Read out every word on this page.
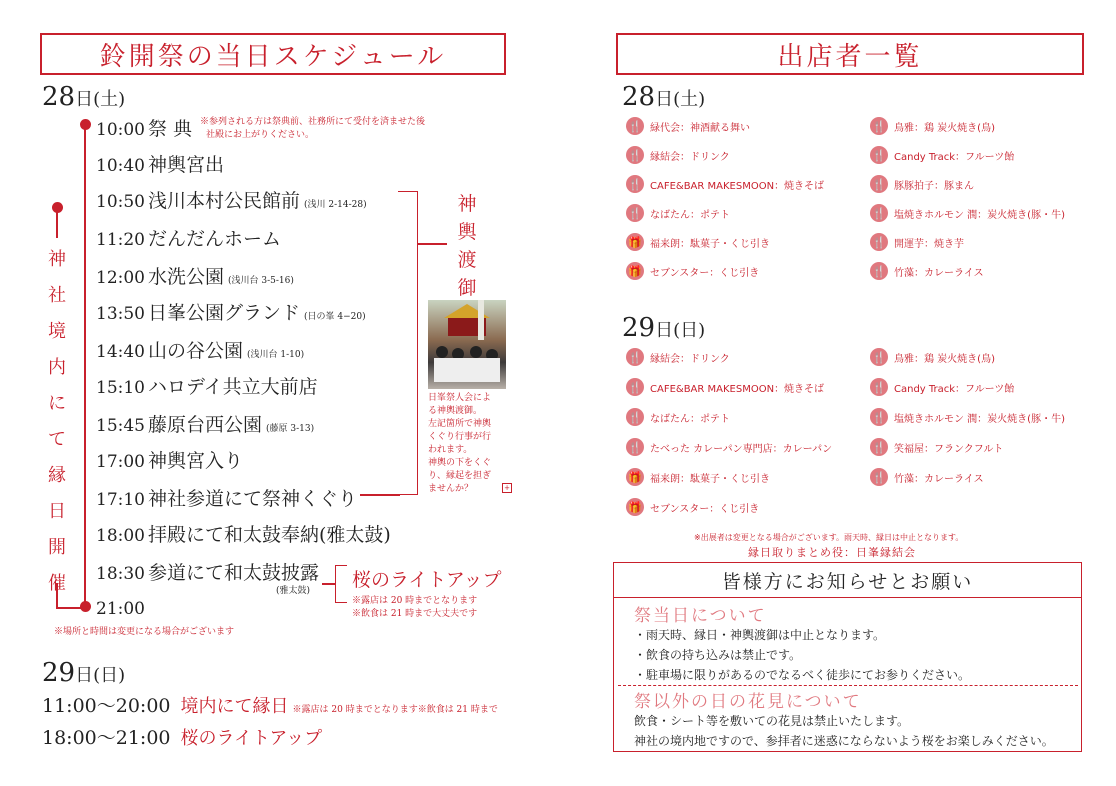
鈴開祭の当日スケジュール
28日(土)
神
社
境
内
に
て
縁
日
開
催
10:00 祭 典
10:40 神輿宮出
10:50 浅川本村公民館前 (浅川 2-14-28)
11:20 だんだんホーム
12:00 水洗公園 (浅川台 3-5-16)
13:50 日峯公園グランド (日の峯 4−20)
14:40 山の谷公園 (浅川台 1-10)
15:10 ハロデイ共立大前店
15:45 藤原台西公園 (藤原 3-13)
17:00 神輿宮入り
17:10 神社参道にて祭神くぐり
18:00 拝殿にて和太鼓奉納(雅太鼓)
18:30 参道にて和太鼓披露
21:00
※参列される方は祭典前、社務所にて受付を済ませた後
社殿にお上がりください。
(雅太鼓)
神
輿
渡
御
日峯祭人会によ
る神輿渡御。
左記箇所で神輿
くぐり行事が行
われます。
神輿の下をくぐ
り、縁起を担ぎ
ませんか？	+
桜のライトアップ
※露店は 20 時までとなります
※飲食は 21 時まで大丈夫です
※場所と時間は変更になる場合がございます
29日(日)
11:00〜20:00 境内にて縁日 ※露店は 20 時までとなります※飲食は 21 時まで
18:00〜21:00 桜のライトアップ
出店者一覧
28日(土)
🍴 緑代会：神酒献る舞い
🍴 縁結会：ドリンク
🍴 CAFE&BAR MAKESMOON：焼きそば
🍴 なばたん：ポテト
🎁 福来朗：駄菓子・くじ引き
🎁 セブンスター：くじ引き
🍴 鳥雅：鶏 炭火焼き(鳥)
🍴 Candy Track：フルーツ飴
🍴 豚豚拍子：豚まん
🍴 塩焼きホルモン 潤：炭火焼き(豚・牛)
🍴 開運芋：焼き芋
🍴 竹藻：カレーライス
29日(日)
🍴 縁結会：ドリンク
🍴 CAFE&BAR MAKESMOON：焼きそば
🍴 なばたん：ポテト
🍴 たべった カレーパン専門店：カレーパン
🎁 福来朗：駄菓子・くじ引き
🎁 セブンスター：くじ引き
🍴 鳥雅：鶏 炭火焼き(鳥)
🍴 Candy Track：フルーツ飴
🍴 塩焼きホルモン 潤：炭火焼き(豚・牛)
🍴 笑福屋：フランクフルト
🍴 竹藻：カレーライス
※出展者は変更となる場合がございます。雨天時、縁日は中止となります。
縁日取りまとめ役：日峯縁結会
皆様方にお知らせとお願い
祭当日について
・雨天時、縁日・神輿渡御は中止となります。
・飲食の持ち込みは禁止です。
・駐車場に限りがあるのでなるべく徒歩にてお参りください。
祭以外の日の花見について
飲食・シート等を敷いての花見は禁止いたします。
神社の境内地ですので、参拝者に迷惑にならないよう桜をお楽しみください。
